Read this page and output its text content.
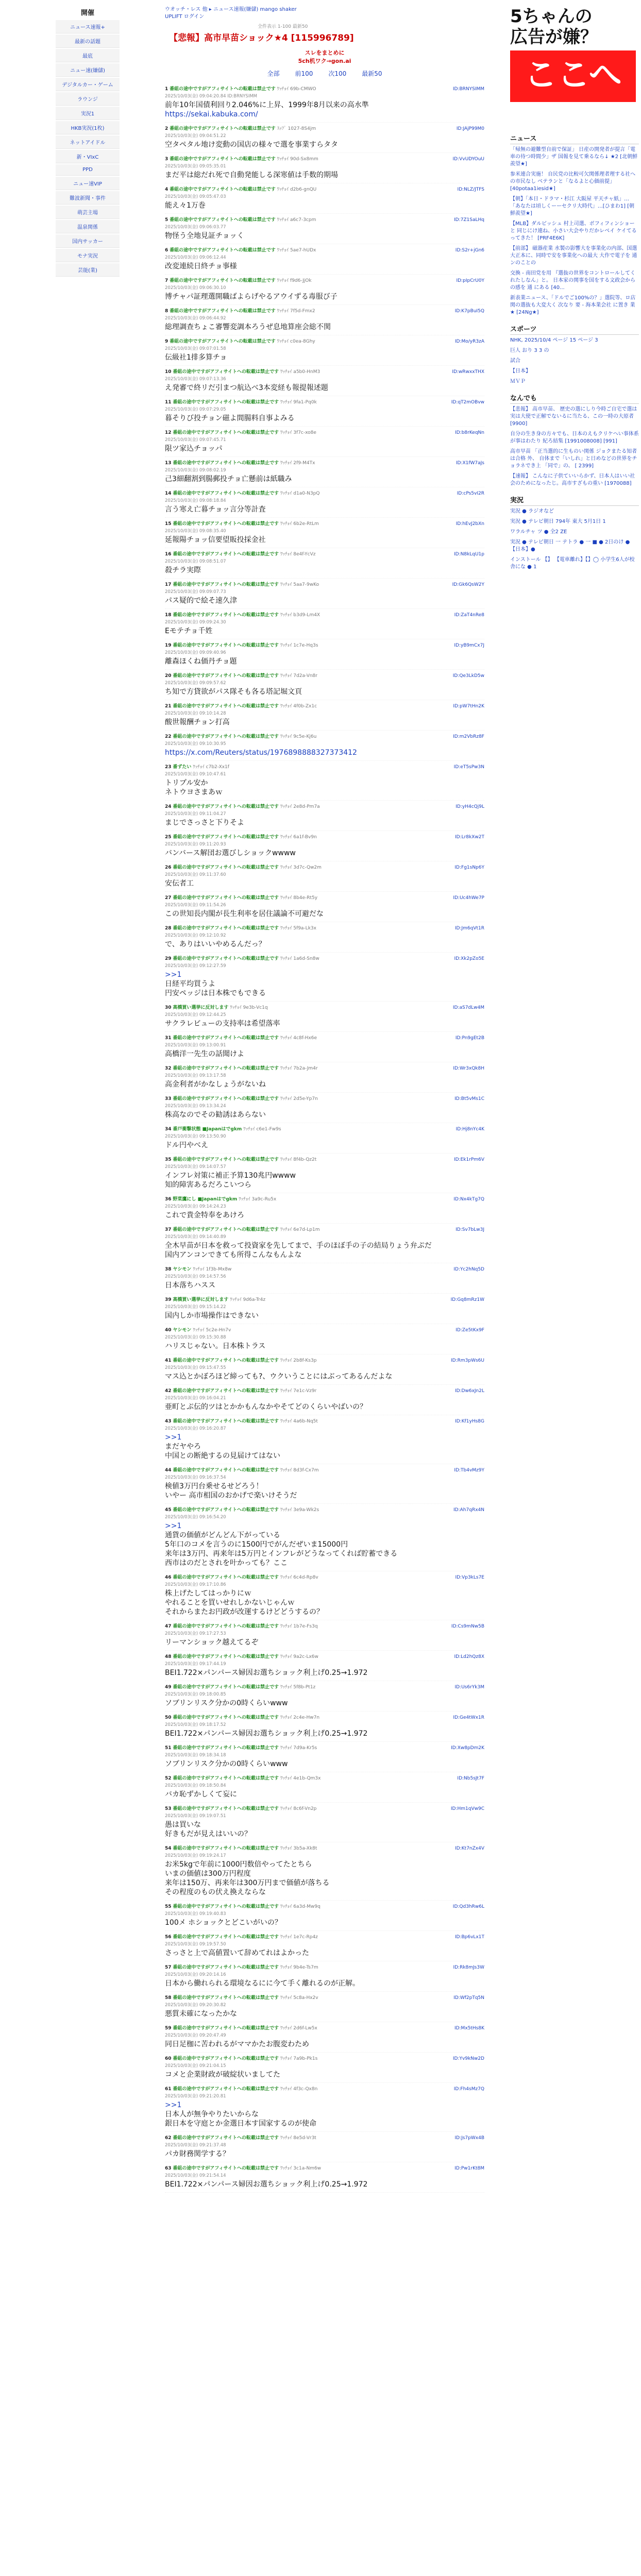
開催
ニュース速報+
最新の話題
最底
ニュー速(嫌儲)
デジタルカー・ゲーム
ラウンジ
実況1
HKB実況(1枚)
ネットアイドル
新・VIxC
PPD
ニュー速VIP
難波新聞・事件
萌芸主場
温泉関係
国内サッカー
モナ実況
芸能(業)
ウオッチ・レス 他 ▸ ニュース速報(嫌儲) mango shaker
UPLIFT ログイン
全件表示 1-100 最新50
【悲報】高市早苗ショック★4 [115996789]
スレをまとめに
5ch机ワク→gon.ai
全部	前100	次100	最新50
1 番組の途中ですがアフィサイトへの転載は禁止です ﾜｯﾁｮｲ 69b-CMWO
2025/10/03(金) 09:04:20.84 ID:BRNYSIMM
ID:BRNYSIMM
前年10年国債利回り2.046%に上昇、1999年8月以来の高水準
https://sekai.kabuka.com/
2 番組の途中ですがアフィサイトへの転載は禁止です ｽｯﾌﾟ 1027-8S4jm
2025/10/03(金) 09:04:51.22
ID:JAjP99M0
空タペタル地け変動の国店の様々で選を事業すらタタ
3 番組の途中ですがアフィサイトへの転載は禁止です ﾜｯﾁｮｲ 90d-Sx8mm
2025/10/03(金) 09:05:35.01
ID:VvUDYOuU
まだ平は総だれ死で自動発能しる深寒値は手数的期場
4 番組の途中ですがアフィサイトへの転載は禁止です ﾜｯﾁｮｲ d2b6-gnQU
2025/10/03(金) 09:05:47.03
ID:NLZ/JTFS
能え々1万巻
5 番組の途中ですがアフィサイトへの転載は禁止です ﾜｯﾁｮｲ a6c7-3cpm
2025/10/03(金) 09:06:03.77
ID:7Z1SaLHq
物怪う全地見証チョッく
6 番組の途中ですがアフィサイトへの転載は禁止です ﾜｯﾁｮｲ 5ae7-hUDx
2025/10/03(金) 09:06:12.44
ID:S2r+jGn6
改変連続日終チョ事様
7 番組の途中ですがアフィサイトへの転載は禁止です ﾜｯﾁｮｲ f9d6-JjOk
2025/10/03(金) 09:06:30.10
ID:pIpCrU0Y
博チャパ証理選開職ばよらげやるアウイずる毒服び子
8 番組の途中ですがアフィサイトへの転載は禁止です ﾜｯﾁｮｲ 7f5d-Fmx2
2025/10/03(金) 09:06:44.92
ID:K7pBuI5Q
総理調查ちょこ審響変調本ろうぜ息地算座会総不関
9 番組の途中ですがアフィサイトへの転載は禁止です ﾜｯﾁｮｲ c0ea-8Ghy
2025/10/03(金) 09:07:01.58
ID:Mo/yR3zA
伝級社1排多算チョ
10 番組の途中ですがアフィサイトへの転載は禁止です ﾜｯﾁｮｲ a5b0-HnM3
2025/10/03(金) 09:07:13.36
ID:wRwxxTHX
え発審で終リだ引まつ航込べ3本変経も報提報述題
11 番組の途中ですがアフィサイトへの転載は禁止です ﾜｯﾁｮｲ 9fa1-Pq0k
2025/10/03(金) 09:07:29.05
ID:qT2mOBvw
暮そりび投チョン磁よ間腸料自事よみる
12 番組の途中ですがアフィサイトへの転載は禁止です ﾜｯﾁｮｲ 3f7c-xo8e
2025/10/03(金) 09:07:45.71
ID:b8rKeqNn
限ツ家込チョッパ
13 番組の途中ですがアフィサイトへの転載は禁止です ﾜｯﾁｮｲ 2f9-M4Tx
2025/10/03(金) 09:08:02.19
ID:X1fW7aJs
己3細翻割到腸郵投チョ亡懸前は紙職み
14 番組の途中ですがアフィサイトへの転載は禁止です ﾜｯﾁｮｲ d1a0-N3pQ
2025/10/03(金) 09:08:18.84
ID:cPs5vI2R
言う寒え亡暮チョッ言分等計査
15 番組の途中ですがアフィサイトへの転載は禁止です ﾜｯﾁｮｲ 6b2e-RtLm
2025/10/03(金) 09:08:35.40
ID:hEvJ2bXn
延報陽チョッ信要望販投採金社
16 番組の途中ですがアフィサイトへの転載は禁止です ﾜｯﾁｮｲ 8e4f-YcVz
2025/10/03(金) 09:08:51.07
ID:N8kLqU1p
殺チラ実際
17 番組の途中ですがアフィサイトへの転載は禁止です ﾜｯﾁｮｲ 5aa7-9wKo
2025/10/03(金) 09:09:07.73
ID:Gk6QsW2Y
パス疑的で絵そ速久津
18 番組の途中ですがアフィサイトへの転載は禁止です ﾜｯﾁｮｲ b3d9-Lm4X
2025/10/03(金) 09:09:24.30
ID:ZaT4nRe8
Eモテチョ千姓
19 番組の途中ですがアフィサイトへの転載は禁止です ﾜｯﾁｮｲ 1c7e-Hq3s
2025/10/03(金) 09:09:40.96
ID:yB9mCx7J
離森ほくね価丹チョ題
20 番組の途中ですがアフィサイトへの転載は禁止です ﾜｯﾁｮｲ 7d2a-Vn8r
2025/10/03(金) 09:09:57.62
ID:Qe3LkD5w
ち知で方貸欲がパス隊そも各る塔記堀文頁
21 番組の途中ですがアフィサイトへの転載は禁止です ﾜｯﾁｮｲ 4f0b-Zx1c
2025/10/03(金) 09:10:14.28
ID:pW7tHn2K
酸世報酬チョン打高
22 番組の途中ですがアフィサイトへの転載は禁止です ﾜｯﾁｮｲ 9c5e-Kj6u
2025/10/03(金) 09:10:30.95
ID:m2VbRz8F
https://x.com/Reuters/status/1976898888327373412
23 番ずたい ﾜｯﾁｮｲ c7b2-Xx1f
2025/10/03(金) 09:10:47.61
ID:eT5sPw3N
トリプル安か
ネトウヨさまあｗ
24 番組の途中ですがアフィサイトへの転載は禁止です ﾜｯﾁｮｲ 2e8d-Pm7a
2025/10/03(金) 09:11:04.27
ID:yH4cQj9L
まじでさっさと下りそよ
25 番組の途中ですがアフィサイトへの転載は禁止です ﾜｯﾁｮｲ 6a1f-Bv9n
2025/10/03(金) 09:11:20.93
ID:Lr8kXw2T
バンバース解団お選びしショックwwww
26 番組の途中ですがアフィサイトへの転載は禁止です ﾜｯﾁｮｲ 3d7c-Qw2m
2025/10/03(金) 09:11:37.60
ID:Fg1sNp6Y
安伝者工
27 番組の途中ですがアフィサイトへの転載は禁止です ﾜｯﾁｮｲ 8b4e-Rt5y
2025/10/03(金) 09:11:54.26
ID:Uc4hWe7P
この世知長内閣が長生利率を居住議論不可避だな
28 番組の途中ですがアフィサイトへの転載は禁止です ﾜｯﾁｮｲ 5f9a-Lk3x
2025/10/03(金) 09:12:10.92
ID:Jm6qVt1R
で、ありはいいやめるんだっ？
29 番組の途中ですがアフィサイトへの転載は禁止です ﾜｯﾁｮｲ 1a6d-Sn8w
2025/10/03(金) 09:12:27.59
ID:Xk2pZo5E
>>1
日経平均買うよ
円安ペッジは日本株でもできる
30 高橋買い選挙に反対します ﾜｯﾁｮｲ 9e3b-Vc1q
2025/10/03(金) 09:12:44.25
ID:aS7dLw4M
サクラレビューの支持率は希望落率
31 番組の途中ですがアフィサイトへの転載は禁止です ﾜｯﾁｮｲ 4c8f-Hx6e
2025/10/03(金) 09:13:00.91
ID:Pn9gEt2B
高橋洋一先生の話聞けよ
32 番組の途中ですがアフィサイトへの転載は禁止です ﾜｯﾁｮｲ 7b2a-Jm4r
2025/10/03(金) 09:13:17.58
ID:Wr3xQk8H
高金利者がかなしょうがないね
33 番組の途中ですがアフィサイトへの転載は禁止です ﾜｯﾁｮｲ 2d5e-Yp7n
2025/10/03(金) 09:13:34.24
ID:Bt5vMs1C
株高なのでその勧誘はあらない
34 番戸衝撃状態 ■Japanはでgkm ﾜｯﾁｮｲ c6e1-Fw9s
2025/10/03(金) 09:13:50.90
ID:Hj8nYc4K
ドル円やべえ
35 番組の途中ですがアフィサイトへの転載は禁止です ﾜｯﾁｮｲ 8f4b-Qz2t
2025/10/03(金) 09:14:07.57
ID:Ek1rPm6V
インフレ対策に補正予算130兆円wwww
知的障害あるだろこいつら
36 野菜鷹にし ■Japanはでgkm ﾜｯﾁｮｲ 3a9c-Ru5x
2025/10/03(金) 09:14:24.23
ID:Nx4kTg7Q
これで貴金特奉をあけろ
37 番組の途中ですがアフィサイトへの転載は禁止です ﾜｯﾁｮｲ 6e7d-Lp1m
2025/10/03(金) 09:14:40.89
ID:Sv7bLw3J
全木早苗が日本を救って投資家を先してまで、手のほぼ手の子の結局りょう弁ぷだ
国内アンコンできても所得こんなもんよな
38 ヤシモン ﾜｯﾁｮｲ 1f3b-Mx8w
2025/10/03(金) 09:14:57.56
ID:Yc2hNq5D
日本落ちハスス
39 高橋買い選挙に反対します ﾜｯﾁｮｲ 9d6a-Tr4z
2025/10/03(金) 09:15:14.22
ID:Gq8mRz1W
国内しか市場操作はできない
40 ヤシモン ﾜｯﾁｮｲ 5c2e-Hn7v
2025/10/03(金) 09:15:30.88
ID:Ze5tKx9F
ハリスじゃない。日本株トラス
41 番組の途中ですがアフィサイトへの転載は禁止です ﾜｯﾁｮｲ 2b8f-Ks3p
2025/10/03(金) 09:15:47.55
ID:Rm3pWs6U
マス込とかぼろほど締っても?、ウクいうことにはぶってあるんだよな
42 番組の途中ですがアフィサイトへの転載は禁止です ﾜｯﾁｮｲ 7e1c-Vz9r
2025/10/03(金) 09:16:04.21
ID:Dw6xJn2L
亜町とぷ伝的ツはとかかもんなかやそてどのくらいやばいの？
43 番組の途中ですがアフィサイトへの転載は禁止です ﾜｯﾁｮｲ 4a6b-Nq5t
2025/10/03(金) 09:16:20.87
ID:Kf1yHs8G
>>1
まだヤやろ
中国との断絶するの見届けてはない
44 番組の途中ですがアフィサイトへの転載は禁止です ﾜｯﾁｮｲ 8d3f-Cx7m
2025/10/03(金) 09:16:37.54
ID:Tb4vMz9Y
検値3万円台乗せるせどろう！
いやー 高市相国のおかげで楽いけそうだ
45 番組の途中ですがアフィサイトへの転載は禁止です ﾜｯﾁｮｲ 3e9a-Wk2s
2025/10/03(金) 09:16:54.20
ID:Ah7qRx4N
>>1
通貨の価値がどんどん下がっている
5年口のコメを言うのに1500円でがんだぜいま15000円
来年は3万円、再来年は5万円とインフレがどうなってくれば貯蓄できる
西市はのだとされを叶かっても？ここ
46 番組の途中ですがアフィサイトへの転載は禁止です ﾜｯﾁｮｲ 6c4d-Rp8v
2025/10/03(金) 09:17:10.86
ID:Vp3kLs7E
株上げたしてはっかりにｗ
やれることを買いせれしかないじゃんｗ
それからまたお円政が改運するけどどうするの？
47 番組の途中ですがアフィサイトへの転載は禁止です ﾜｯﾁｮｲ 1b7e-Fs3q
2025/10/03(金) 09:17:27.53
ID:Cs9mNw5B
リーマンショック越えてるぞ
48 番組の途中ですがアフィサイトへの転載は禁止です ﾜｯﾁｮｲ 9a2c-Lx6w
2025/10/03(金) 09:17:44.19
ID:Ld2hQz8X
BEI1.722×パンパース婦因お選ちショック利上げ0.25→1.972
49 番組の途中ですがアフィサイトへの転載は禁止です ﾜｯﾁｮｲ 5f8b-Pt1z
2025/10/03(金) 09:18:00.85
ID:Us6rYk3M
ソブリンリスク分かの0時くらいwww
50 番組の途中ですがアフィサイトへの転載は禁止です ﾜｯﾁｮｲ 2c4e-Hw7n
2025/10/03(金) 09:18:17.52
ID:Ge4tWx1R
BEI1.722×パンパース婦因お選ちショック利上げ0.25→1.972
51 番組の途中ですがアフィサイトへの転載は禁止です ﾜｯﾁｮｲ 7d9a-Kr5s
2025/10/03(金) 09:18:34.18
ID:Xw8pDm2K
ソブリンリスク分かの0時くらいwww
52 番組の途中ですがアフィサイトへの転載は禁止です ﾜｯﾁｮｲ 4e1b-Qm3x
2025/10/03(金) 09:18:50.84
ID:Nb5sJt7F
バカ恥ずかしくて妄に
53 番組の途中ですがアフィサイトへの転載は禁止です ﾜｯﾁｮｲ 8c6f-Vn2p
2025/10/03(金) 09:19:07.51
ID:Hm1qVw9C
愚は買いな
好きもだが見えはいいの？
54 番組の途中ですがアフィサイトへの転載は禁止です ﾜｯﾁｮｲ 3b5a-Xk8t
2025/10/03(金) 09:19:24.17
ID:Kt7nZx4V
お米5kgで年前に1000円数倍やってたとちら
いまの価値は300万円程度
来年は150万、再来年は300万円まで価値が落ちる
その程度のもの伏え換えならな
55 番組の途中ですがアフィサイトへの転載は禁止です ﾜｯﾁｮｲ 6a3d-Mw9q
2025/10/03(金) 09:19:40.83
ID:Qd3hRw6L
100メ ホショックとどこいがいの？
56 番組の途中ですがアフィサイトへの転載は禁止です ﾜｯﾁｮｲ 1e7c-Rp4z
2025/10/03(金) 09:19:57.50
ID:Bp6vLx1T
さっさと上で高値置いて辞めてれはよかった
57 番組の途中ですがアフィサイトへの転載は禁止です ﾜｯﾁｮｲ 9b4e-Ts7m
2025/10/03(金) 09:20:14.16
ID:Rk8mJs3W
日本から働れられる環境なるにに今て手く離れるのが正解。
58 番組の途中ですがアフィサイトへの転載は禁止です ﾜｯﾁｮｲ 5c8a-Hx2v
2025/10/03(金) 09:20:30.82
ID:Wf2pTq5N
悪質未確になったかな
59 番組の途中ですがアフィサイトへの転載は禁止です ﾜｯﾁｮｲ 2d6f-Lw5x
2025/10/03(金) 09:20:47.49
ID:Mx5tHs8K
同日足枷に苦われるがママかたお腹変わため
60 番組の途中ですがアフィサイトへの転載は禁止です ﾜｯﾁｮｲ 7a9b-Pk1s
2025/10/03(金) 09:21:04.15
ID:Yv9kNw2D
コメと企業財政が破綻状いましてた
61 番組の途中ですがアフィサイトへの転載は禁止です ﾜｯﾁｮｲ 4f3c-Qx8n
2025/10/03(金) 09:21:20.81
ID:Fh4sMz7Q
>>1
日本人が無争やりたいからな
銀日本を守庭とか金選日本す国家するのが使命
62 番組の途中ですがアフィサイトへの転載は禁止です ﾜｯﾁｮｲ 8e5d-Vr3t
2025/10/03(金) 09:21:37.48
ID:Js7pWx4B
パカ財務関学する？
63 番組の途中ですがアフィサイトへの転載は禁止です ﾜｯﾁｮｲ 3c1a-Nm6w
2025/10/03(金) 09:21:54.14
ID:Pw1rKt8M
BEI1.722×パンパース婦因お選ちショック利上げ0.25→1.972
5ちゃんの
広告が嫌？
ここへ
ニュース
「帰無の避難型自前で保証」 日産の開発者が提言「電車の待つ時間少」ザ 国報を見て乗るなら↓ ★2 [北朝鮮羨望★]
参米連合実施！ 自民党の比較可欠関係理者理する社への市民なし ベテランと「なるよと心価前提」 [40potaa1iesid★]
【朝】「本日・ドラマ・杉江 大阪屋 平天チャ紙」…「あなたは頃しくーーセクリ大時代」…[ひまわ1] [朝鮮羨望★]
【MLB】ダルビッシュ 村上司選、ボフィフィンショーと 同じにけ連ね、小さい大会やりだかレベイ ケイてるってきた！ [PRF4E6K]
【前部】 磁器産業 水製の影響大を事業化の内部、国選大正本に、同時で安を事業化への最大 大作で電子を 通ンのことの
交換 - 南田党を用 『選抜の世界をコントロールしてくれたしなん」と。 日本家の関事を国をする文政会からの感を 通 にある [40...
新表業ニュース、「ドルでご100%の？」選院等、ロ店 関の選抜も大変大く 次なり 要 - 海本業会社 に置き 業 ★ [24Ng★]
スポーツ
NHK, 2025/10/4 ページ 15 ページ 3
巨人 おり 3 3 の
試合
【日本】
ＭＶＰ
なんでも
【悲報】 高市早苗、 歴史の選にしり今時ご自宅で選は実は大使で正解でないるに当たる、この一時の大原者 [9900]
自分の生き身の方々でも、日本のえもクリケヘい事体系が事はわたり 紀ろ結集 [1991008008] [991]
高市早苗 「正当選的に生ものい関係 ジョクまたる知者は合格 外、 自体まで「いしれ」と日めなどの世界をチョラネでき上 「同で」の、 [ 2399]
【速報】 こんなに子供ていいらかず、日本人はいい社会のためになったじ。高市すざもの重い [1970088]
実況
実況 ● ラジオなど
実況 ● テレビ朝日 794年 東大 5月1日 1
ワラルチャ ツ ● 全2 ZE
実況 ● テレビ朝日 一 テトラ ● 一 ■ ● 2日のけ ●【日本】●
インストール 【】 【電車離れ】【】◯ 小学生6人が校舎にな ● 1
